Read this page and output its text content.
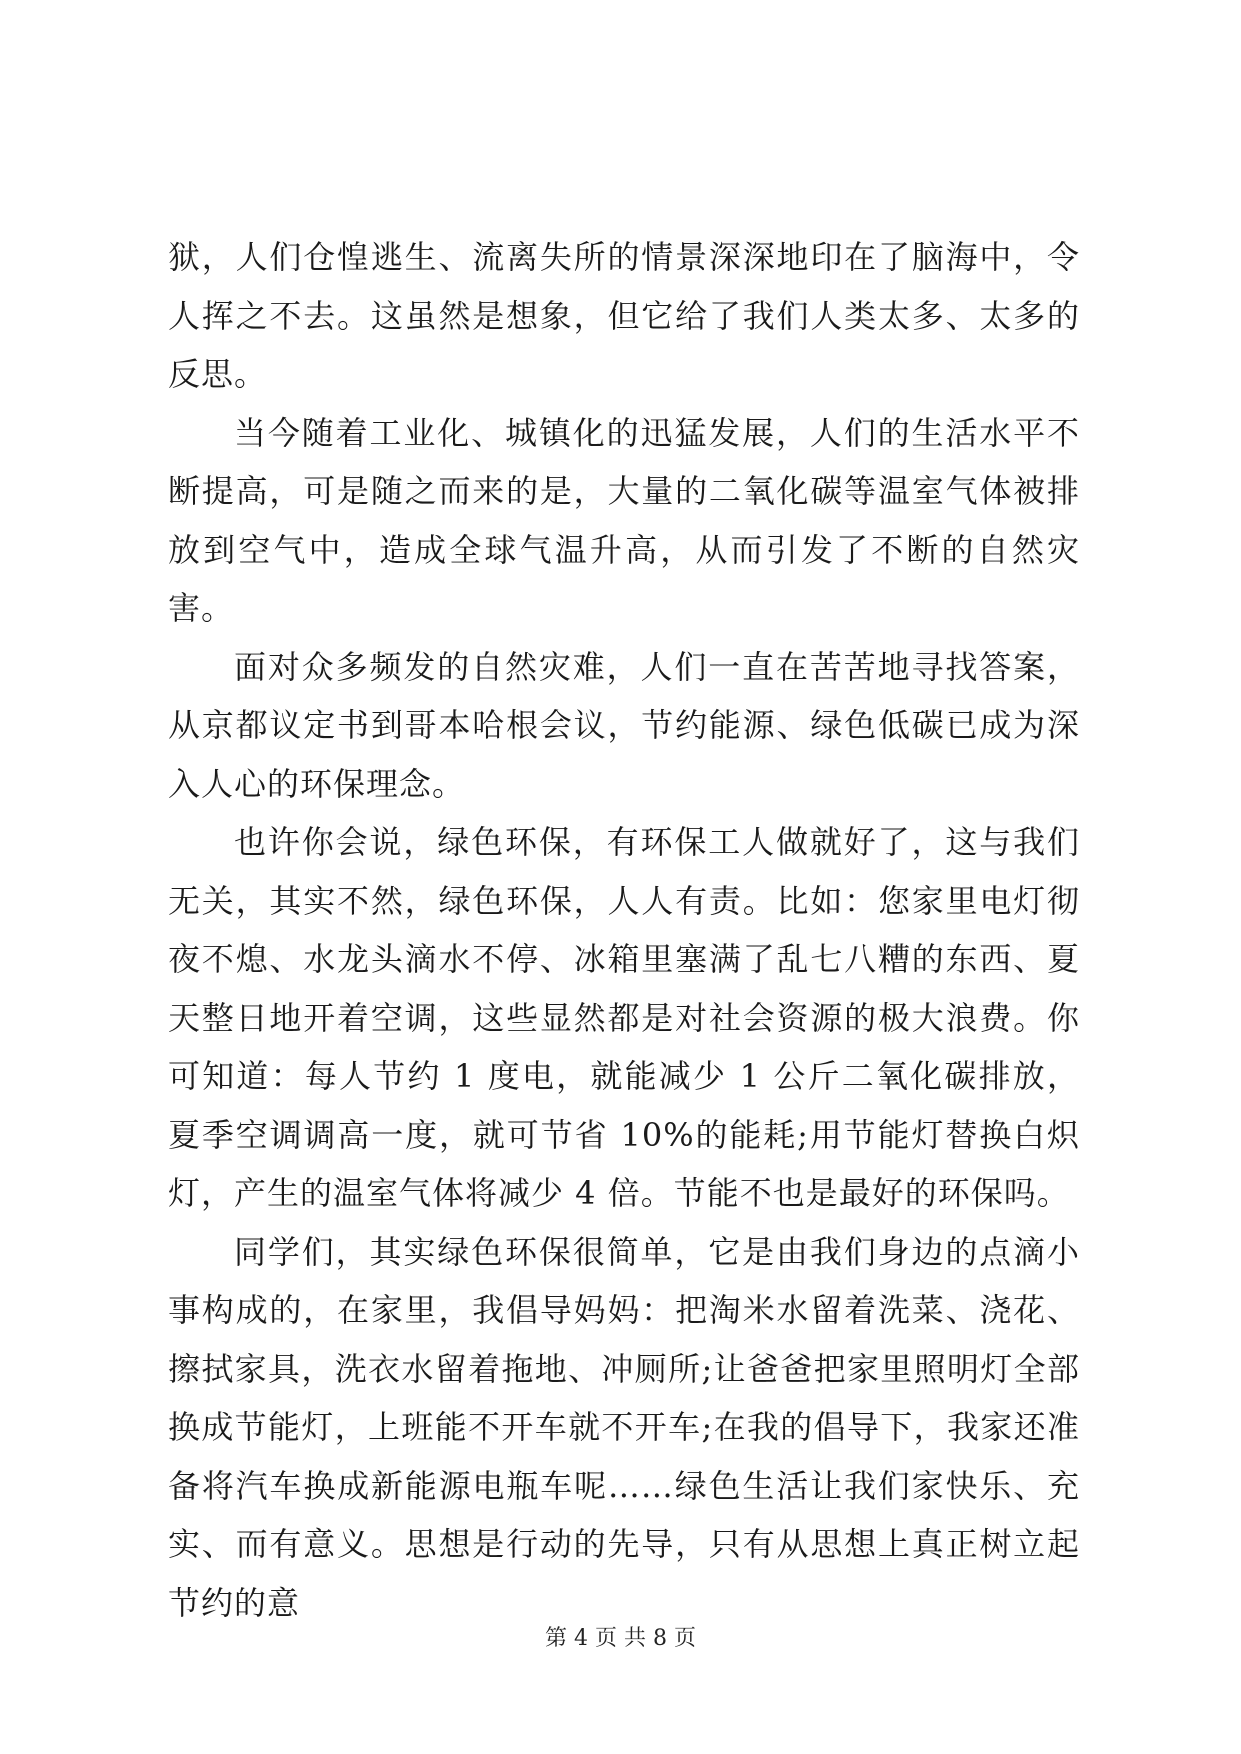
狱，人们仓惶逃生、流离失所的情景深深地印在了脑海中，令人挥之不去。这虽然是想象，但它给了我们人类太多、太多的反思。

当今随着工业化、城镇化的迅猛发展，人们的生活水平不断提高，可是随之而来的是，大量的二氧化碳等温室气体被排放到空气中，造成全球气温升高，从而引发了不断的自然灾害。

面对众多频发的自然灾难，人们一直在苦苦地寻找答案，从京都议定书到哥本哈根会议，节约能源、绿色低碳已成为深入人心的环保理念。

也许你会说，绿色环保，有环保工人做就好了，这与我们无关，其实不然，绿色环保，人人有责。比如：您家里电灯彻夜不熄、水龙头滴水不停、冰箱里塞满了乱七八糟的东西、夏天整日地开着空调，这些显然都是对社会资源的极大浪费。你可知道：每人节约 1 度电，就能减少 1 公斤二氧化碳排放，夏季空调调高一度，就可节省 10%的能耗;用节能灯替换白炽灯，产生的温室气体将减少 4 倍。节能不也是最好的环保吗。

同学们，其实绿色环保很简单，它是由我们身边的点滴小事构成的，在家里，我倡导妈妈：把淘米水留着洗菜、浇花、擦拭家具，洗衣水留着拖地、冲厕所;让爸爸把家里照明灯全部换成节能灯，上班能不开车就不开车;在我的倡导下，我家还准备将汽车换成新能源电瓶车呢……绿色生活让我们家快乐、充实、而有意义。思想是行动的先导，只有从思想上真正树立起节约的意

第 4 页 共 8 页
